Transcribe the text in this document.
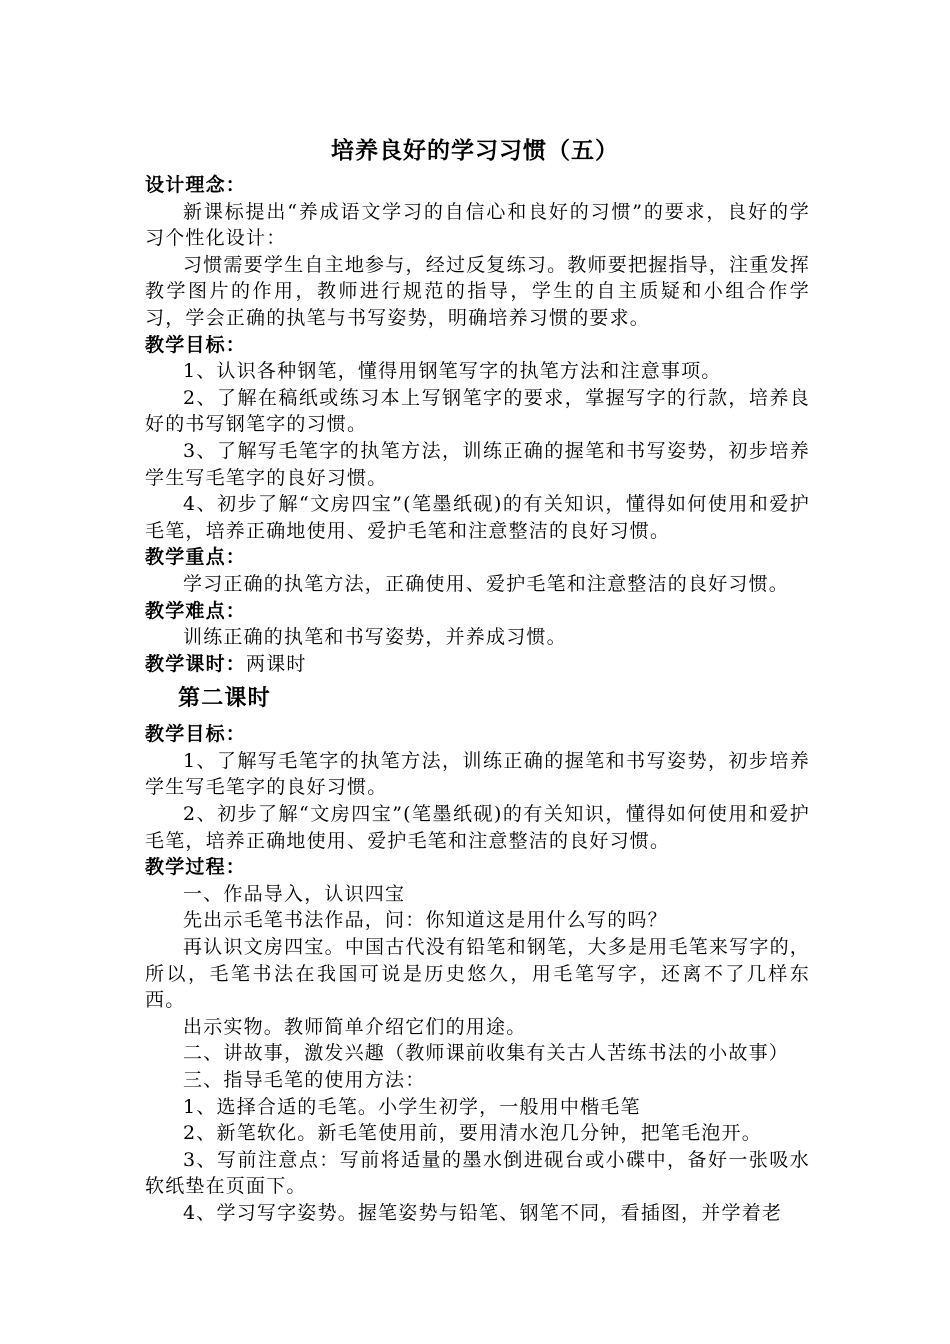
培养良好的学习习惯（五）
设计理念：
新课标提出“养成语文学习的自信心和良好的习惯”的要求，良好的学习个性化设计：
习惯需要学生自主地参与，经过反复练习。教师要把握指导，注重发挥教学图片的作用，教师进行规范的指导，学生的自主质疑和小组合作学习，学会正确的执笔与书写姿势，明确培养习惯的要求。
教学目标：
1、认识各种钢笔，懂得用钢笔写字的执笔方法和注意事项。
2、了解在稿纸或练习本上写钢笔字的要求，掌握写字的行款，培养良好的书写钢笔字的习惯。
3、了解写毛笔字的执笔方法，训练正确的握笔和书写姿势，初步培养学生写毛笔字的良好习惯。
4、初步了解“文房四宝”(笔墨纸砚)的有关知识，懂得如何使用和爱护毛笔，培养正确地使用、爱护毛笔和注意整洁的良好习惯。
教学重点：
学习正确的执笔方法，正确使用、爱护毛笔和注意整洁的良好习惯。
教学难点：
训练正确的执笔和书写姿势，并养成习惯。
教学课时：两课时
第二课时
教学目标：
1、了解写毛笔字的执笔方法，训练正确的握笔和书写姿势，初步培养学生写毛笔字的良好习惯。
2、初步了解“文房四宝”(笔墨纸砚)的有关知识，懂得如何使用和爱护毛笔，培养正确地使用、爱护毛笔和注意整洁的良好习惯。
教学过程：
一、作品导入，认识四宝
先出示毛笔书法作品，问：你知道这是用什么写的吗？
再认识文房四宝。中国古代没有铅笔和钢笔，大多是用毛笔来写字的，所以，毛笔书法在我国可说是历史悠久，用毛笔写字，还离不了几样东西。
出示实物。教师简单介绍它们的用途。
二、讲故事，激发兴趣（教师课前收集有关古人苦练书法的小故事）
三、指导毛笔的使用方法：
1、选择合适的毛笔。小学生初学，一般用中楷毛笔
2、新笔软化。新毛笔使用前，要用清水泡几分钟，把笔毛泡开。
3、写前注意点：写前将适量的墨水倒进砚台或小碟中，备好一张吸水软纸垫在页面下。
4、学习写字姿势。握笔姿势与铅笔、钢笔不同，看插图，并学着老
